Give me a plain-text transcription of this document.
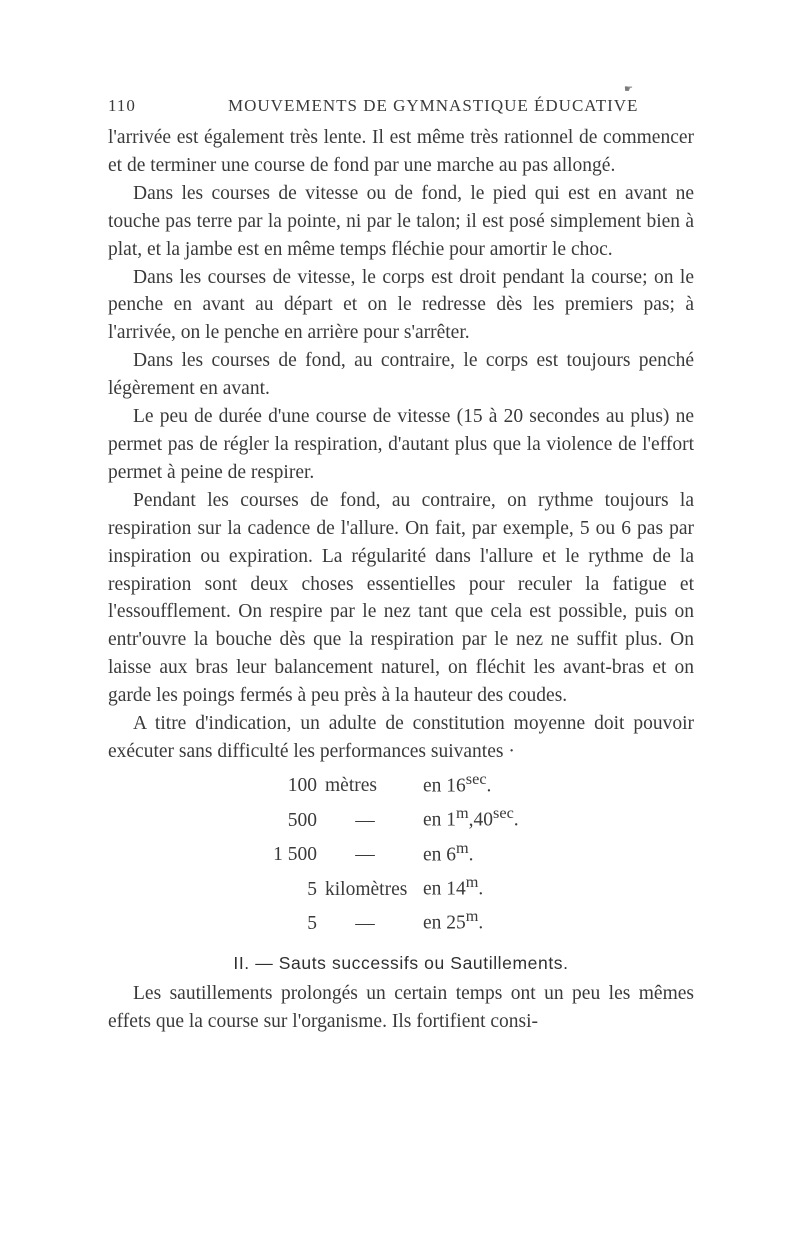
☛
110	MOUVEMENTS DE GYMNASTIQUE ÉDUCATIVE

l'arrivée est également très lente. Il est même très rationnel de commencer et de terminer une course de fond par une marche au pas allongé.

Dans les courses de vitesse ou de fond, le pied qui est en avant ne touche pas terre par la pointe, ni par le talon; il est posé simplement bien à plat, et la jambe est en même temps fléchie pour amortir le choc.

Dans les courses de vitesse, le corps est droit pendant la course; on le penche en avant au départ et on le redresse dès les premiers pas; à l'arrivée, on le penche en arrière pour s'arrêter.

Dans les courses de fond, au contraire, le corps est toujours penché légèrement en avant.

Le peu de durée d'une course de vitesse (15 à 20 secondes au plus) ne permet pas de régler la respiration, d'autant plus que la violence de l'effort permet à peine de respirer.

Pendant les courses de fond, au contraire, on rythme toujours la respiration sur la cadence de l'allure. On fait, par exemple, 5 ou 6 pas par inspiration ou expiration. La régularité dans l'allure et le rythme de la respiration sont deux choses essentielles pour reculer la fatigue et l'essoufflement. On respire par le nez tant que cela est possible, puis on entr'ouvre la bouche dès que la respiration par le nez ne suffit plus. On laisse aux bras leur balancement naturel, on fléchit les avant-bras et on garde les poings fermés à peu près à la hauteur des coudes.

A titre d'indication, un adulte de constitution moyenne doit pouvoir exécuter sans difficulté les performances suivantes ·

100	mètres	en $16^{sec}$.
500	—	en $1^m,40^{sec}$.
1 500	—	en 6$^m$.
5	kilomètres	en 14$^m$.
5	—	en 25$^m$.
II. — Sauts successifs ou Sautillements.

Les sautillements prolongés un certain temps ont un peu les mêmes effets que la course sur l'organisme. Ils fortifient consi-
